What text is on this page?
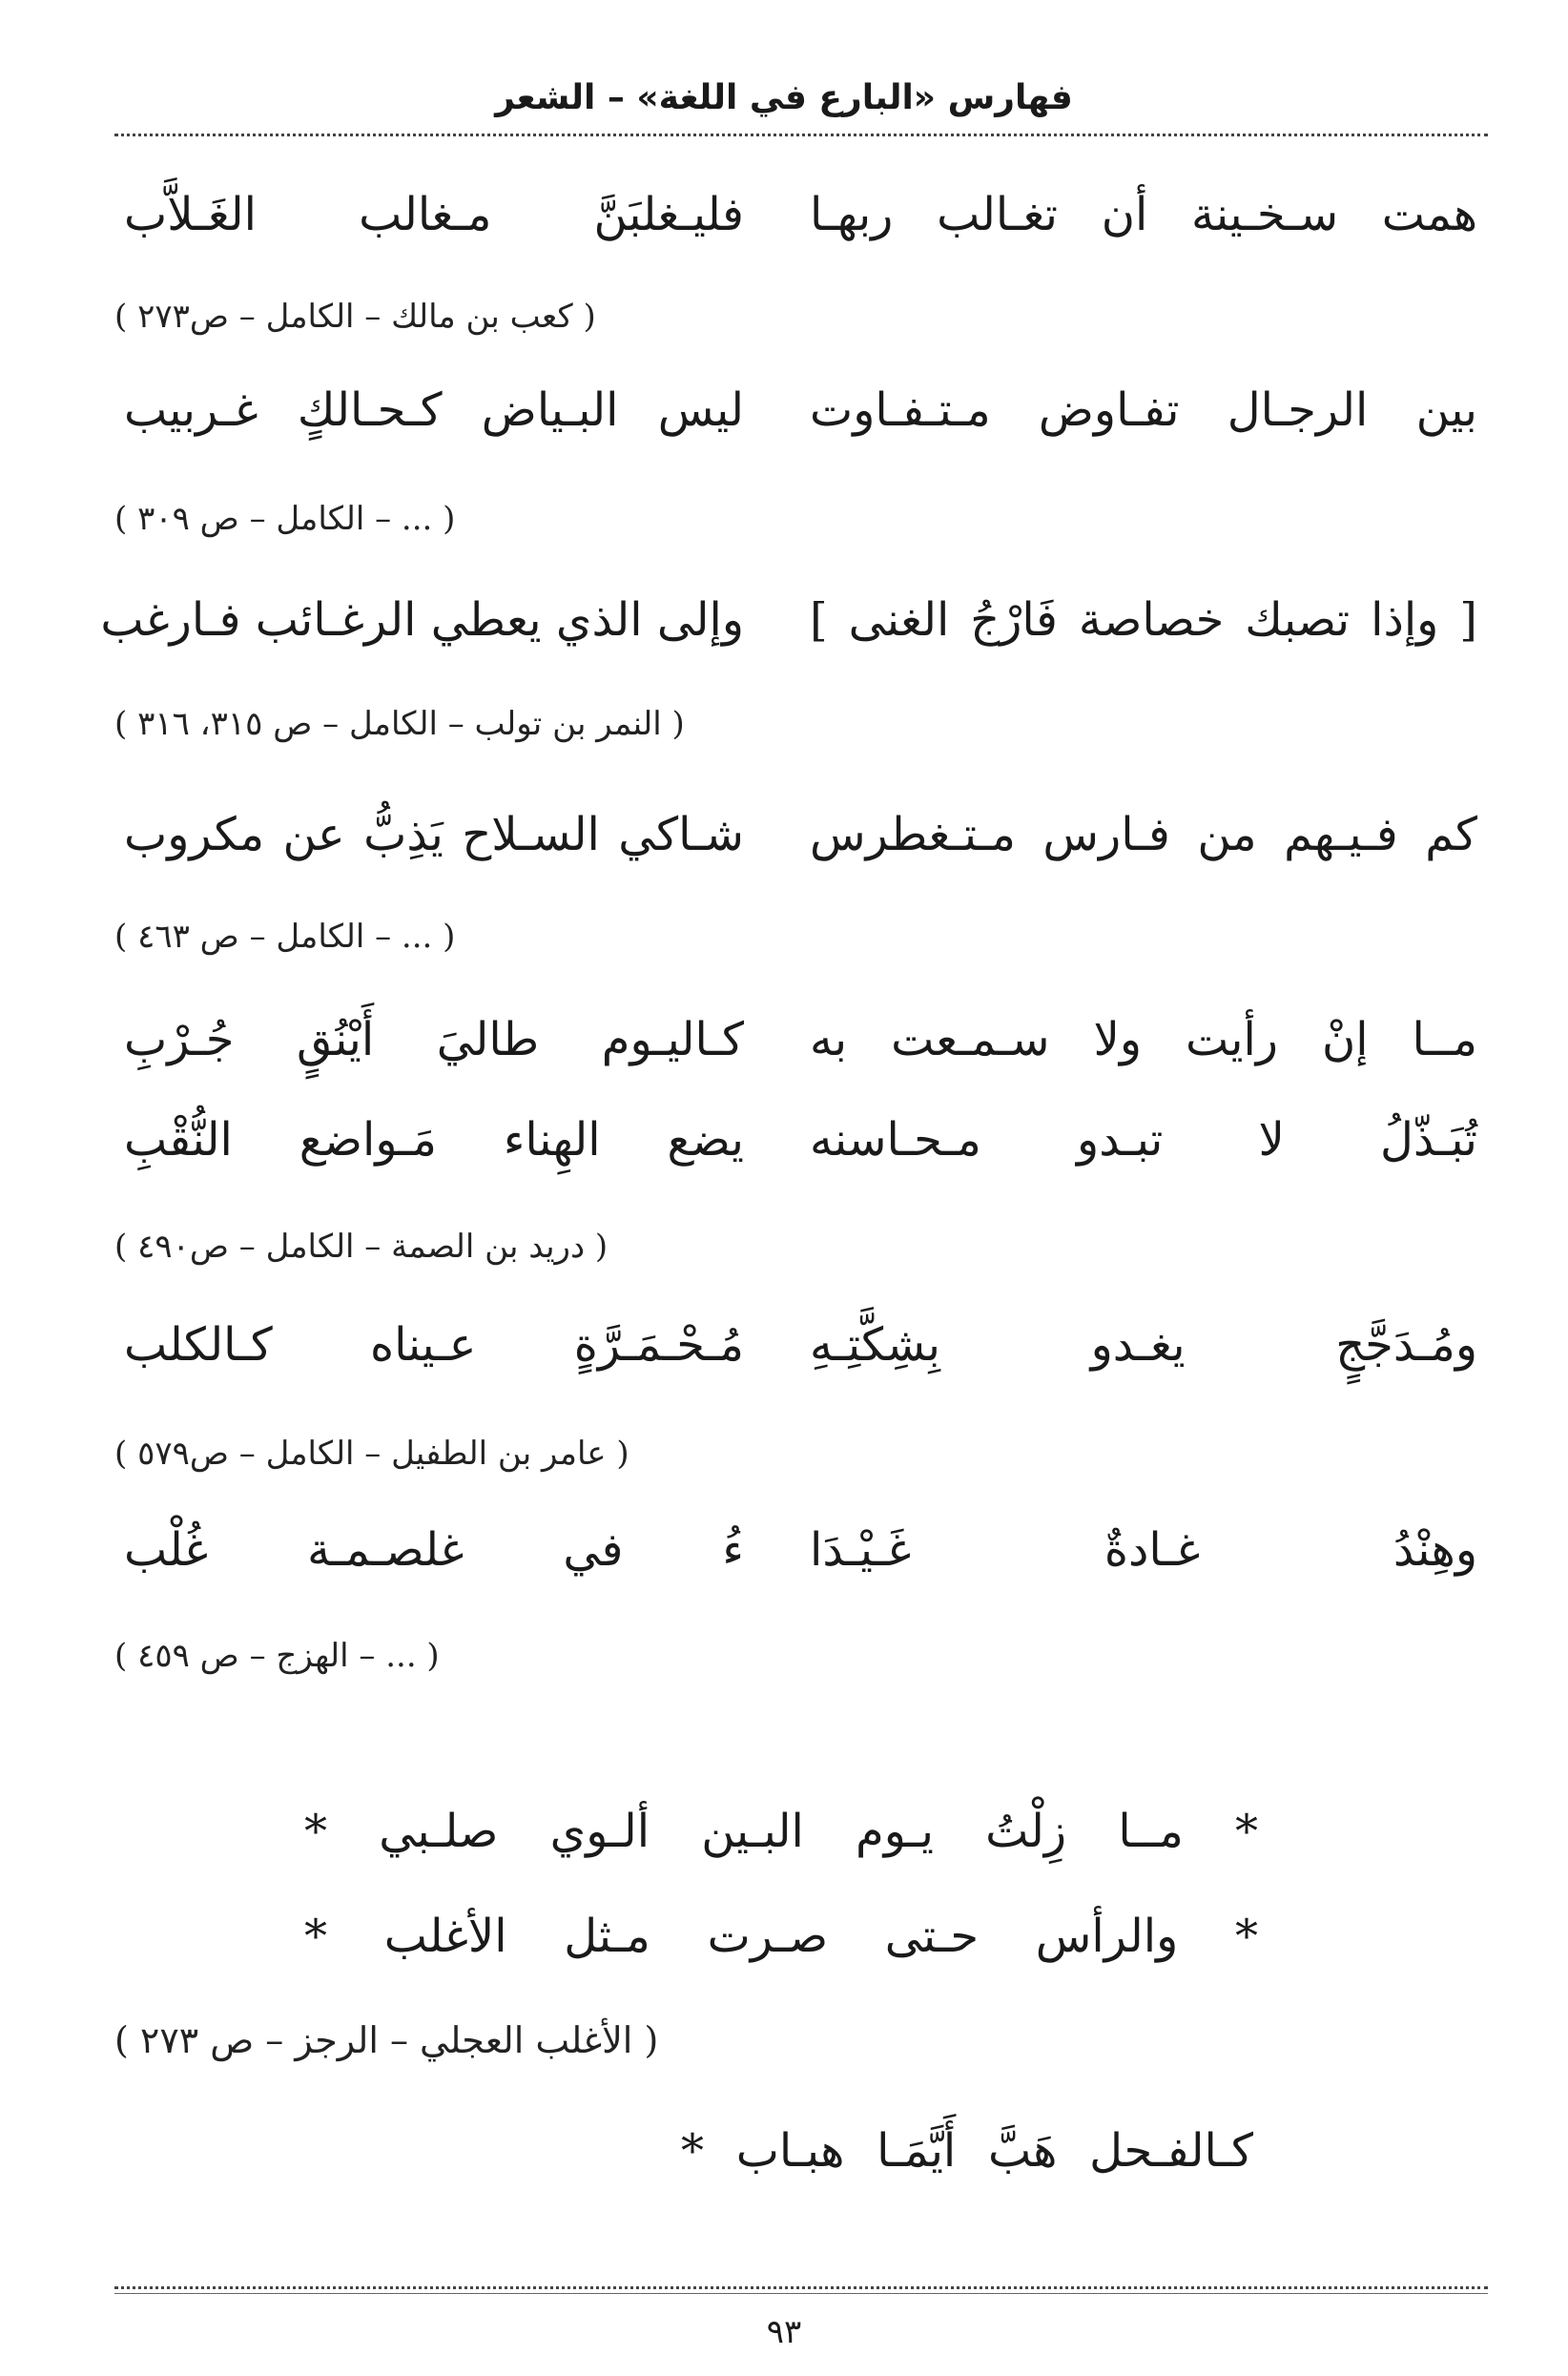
فهارس «البارع في اللغة» – الشعر
همت سـخـينة أن تغـالب ربهـا
فليـغلبَنَّ مـغالب الغَـلاَّب
( كعب بن مالك – الكامل – ص٢٧٣ )
بين الرجـال تفـاوض مـتـفـاوت
ليس البـياض كـحـالكٍ غـربيب
( ... – الكامل – ص ٣٠٩ )
[ وإذا تصبك خصاصة فَارْجُ الغنى ]
وإلى الذي يعطي الرغـائب فـارغب
( النمر بن تولب – الكامل – ص ٣١٥، ٣١٦ )
كم فـيـهم من فـارس مـتـغطرس
شـاكي السـلاح يَذِبُّ عن مكروب
( ... – الكامل – ص ٤٦٣ )
مــا إنْ رأيت ولا سـمـعت به
كـاليـوم طاليَ أَيْنُقٍ جُـرْبِ
تُبَـذّلُ لا تبـدو مـحـاسنه
يضع الهِناء مَـواضع النُّقْبِ
( دريد بن الصمة – الكامل – ص٤٩٠ )
ومُـدَجَّجٍ يغـدو بِشِكَّتِـهِ
مُـحْـمَـرَّةٍ عـيناه كـالكلب
( عامر بن الطفيل – الكامل – ص٥٧٩ )
وهِنْدُ غـادةٌ غَـيْـدَا
ءُ في غلصـمـة غُلْب
( ... – الهزج – ص ٤٥٩ )
* مــا زِلْتُ يـوم البـين ألـوي صلـبي *
* والرأس حـتى صـرت مـثل الأغلب *
( الأغلب العجلي – الرجز – ص ٢٧٣ )
كـالفـحل هَبَّ أَيَّمَـا هبـاب *
٩٣
